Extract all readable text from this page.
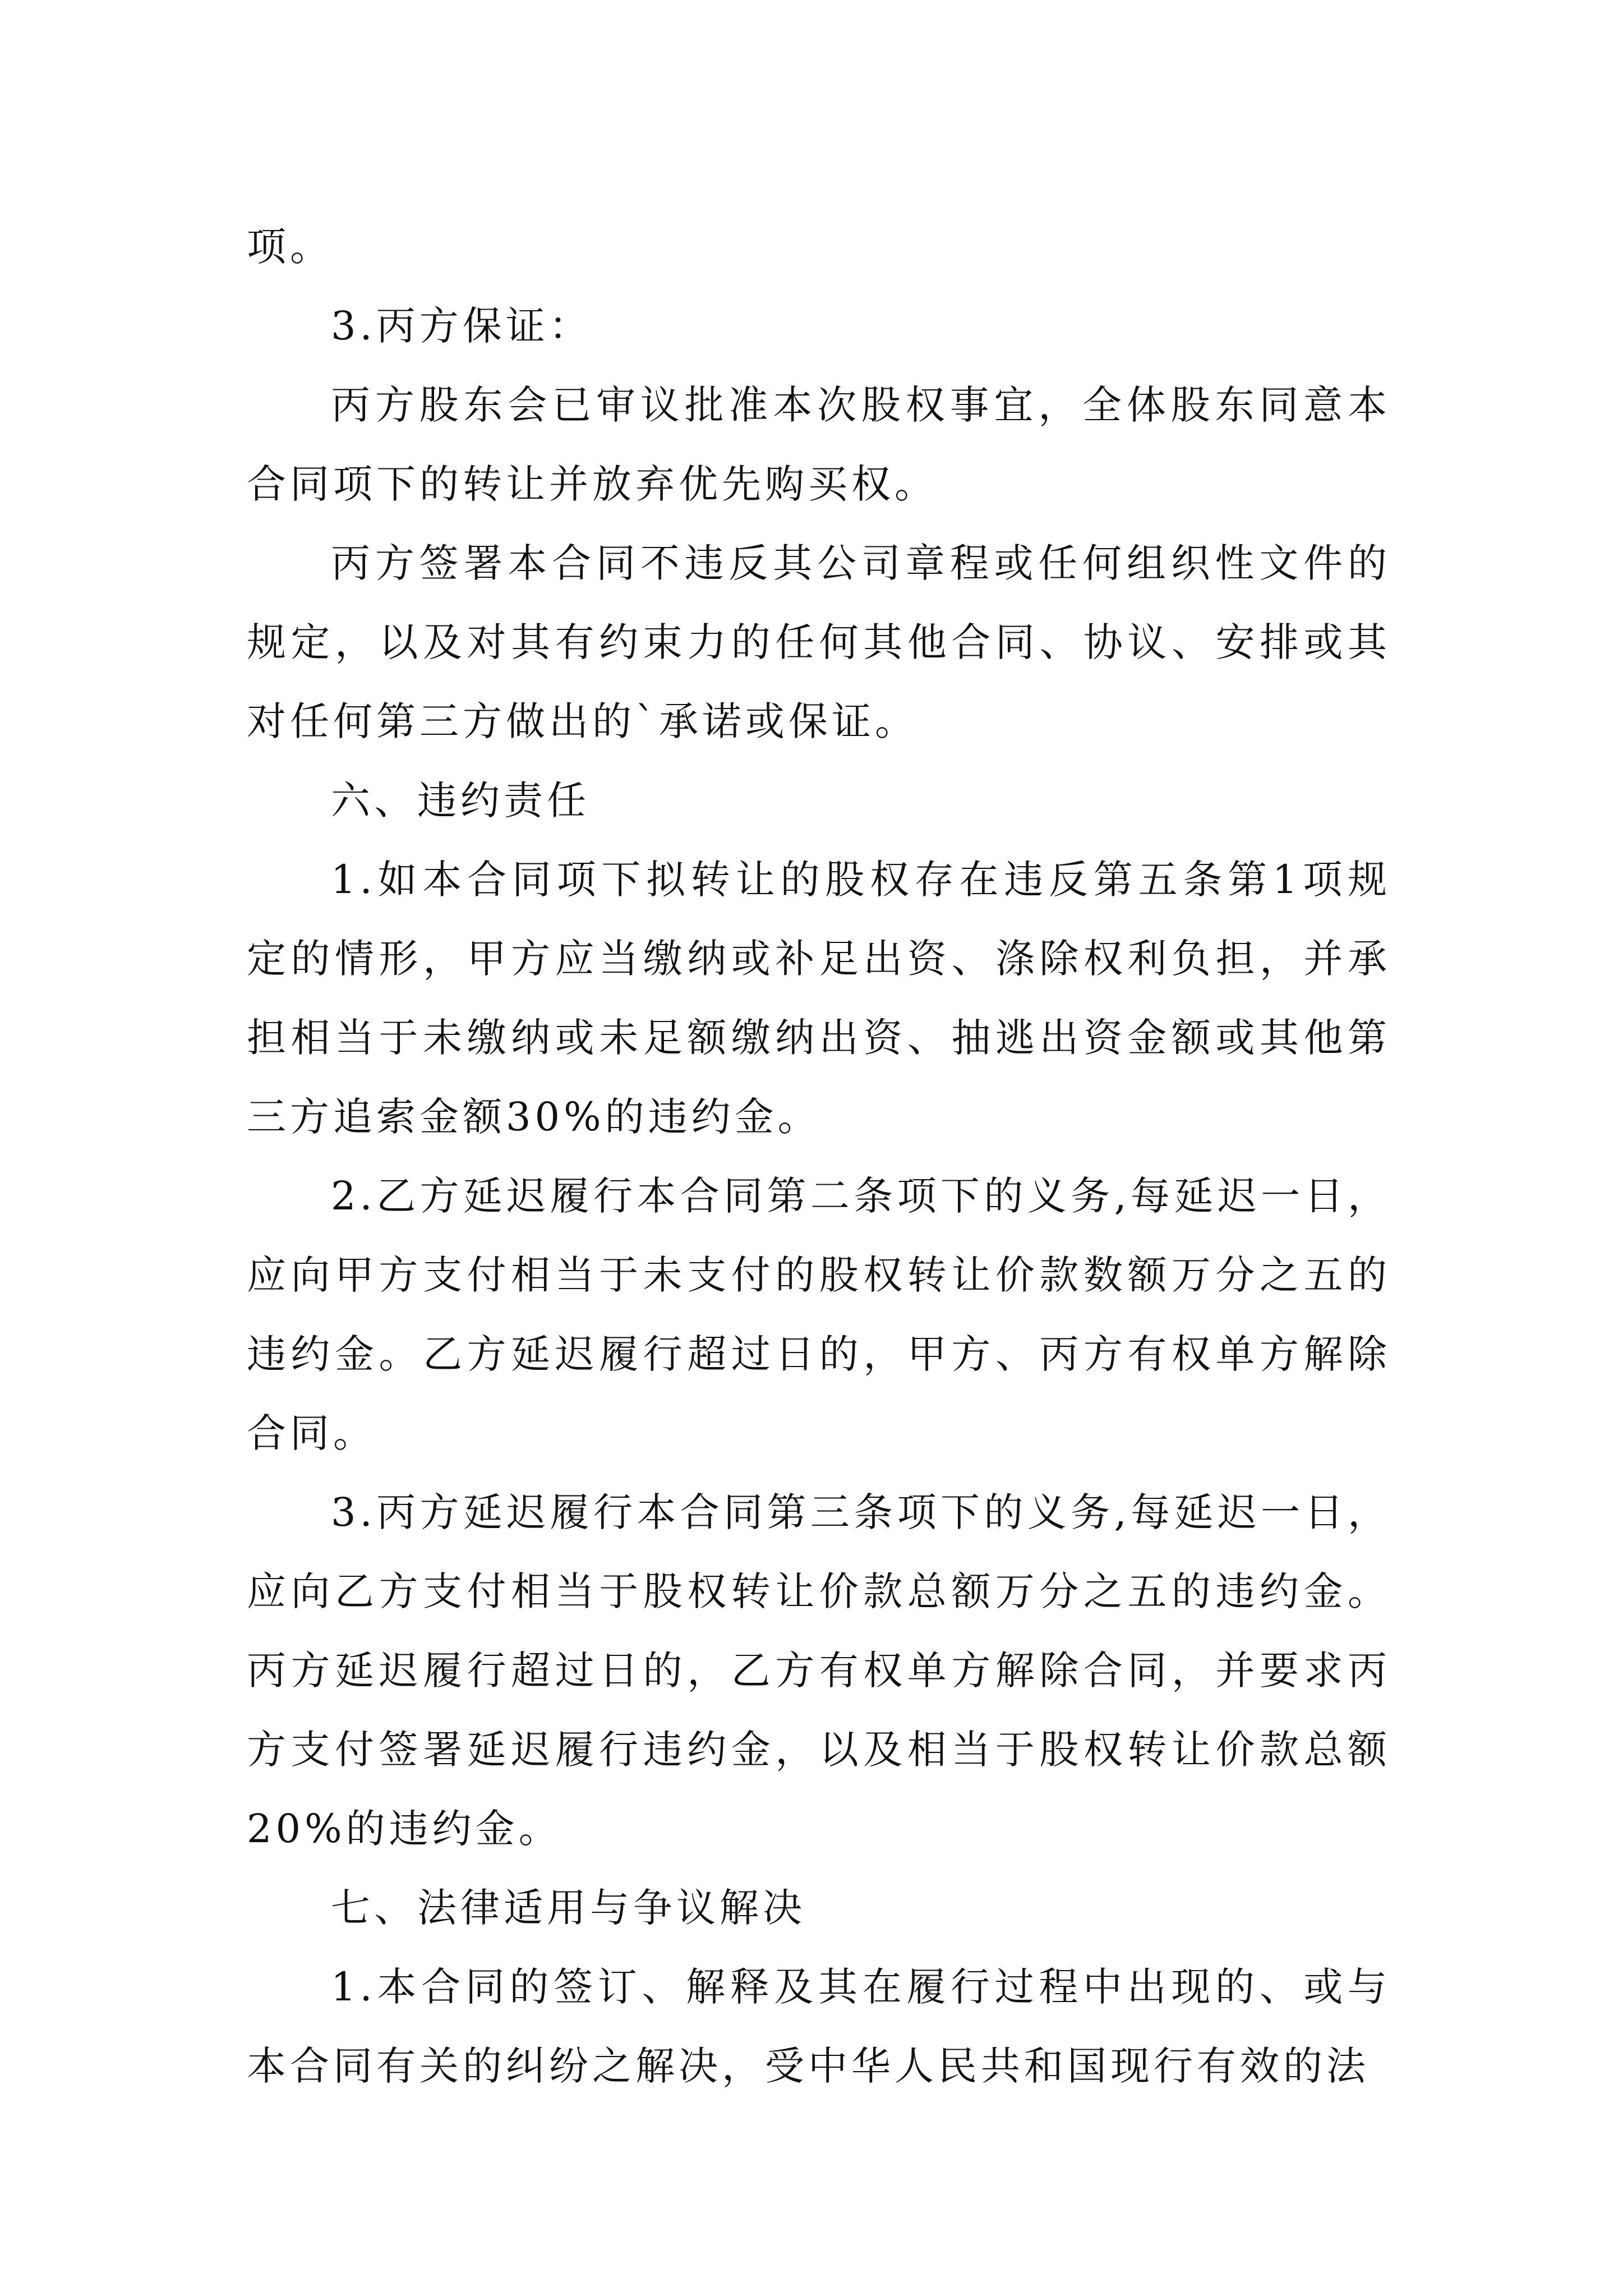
项。

3.丙方保证：

丙方股东会已审议批准本次股权事宜，全体股东同意本合同项下的转让并放弃优先购买权。

丙方签署本合同不违反其公司章程或任何组织性文件的规定，以及对其有约束力的任何其他合同、协议、安排或其对任何第三方做出的`承诺或保证。

六、违约责任

1.如本合同项下拟转让的股权存在违反第五条第1项规定的情形，甲方应当缴纳或补足出资、涤除权利负担，并承担相当于未缴纳或未足额缴纳出资、抽逃出资金额或其他第三方追索金额30%的违约金。

2.乙方延迟履行本合同第二条项下的义务,每延迟一日，应向甲方支付相当于未支付的股权转让价款数额万分之五的违约金。乙方延迟履行超过日的，甲方、丙方有权单方解除合同。

3.丙方延迟履行本合同第三条项下的义务,每延迟一日，应向乙方支付相当于股权转让价款总额万分之五的违约金。丙方延迟履行超过日的，乙方有权单方解除合同，并要求丙方支付签署延迟履行违约金，以及相当于股权转让价款总额20%的违约金。

七、法律适用与争议解决

1.本合同的签订、解释及其在履行过程中出现的、或与本合同有关的纠纷之解决，受中华人民共和国现行有效的法
